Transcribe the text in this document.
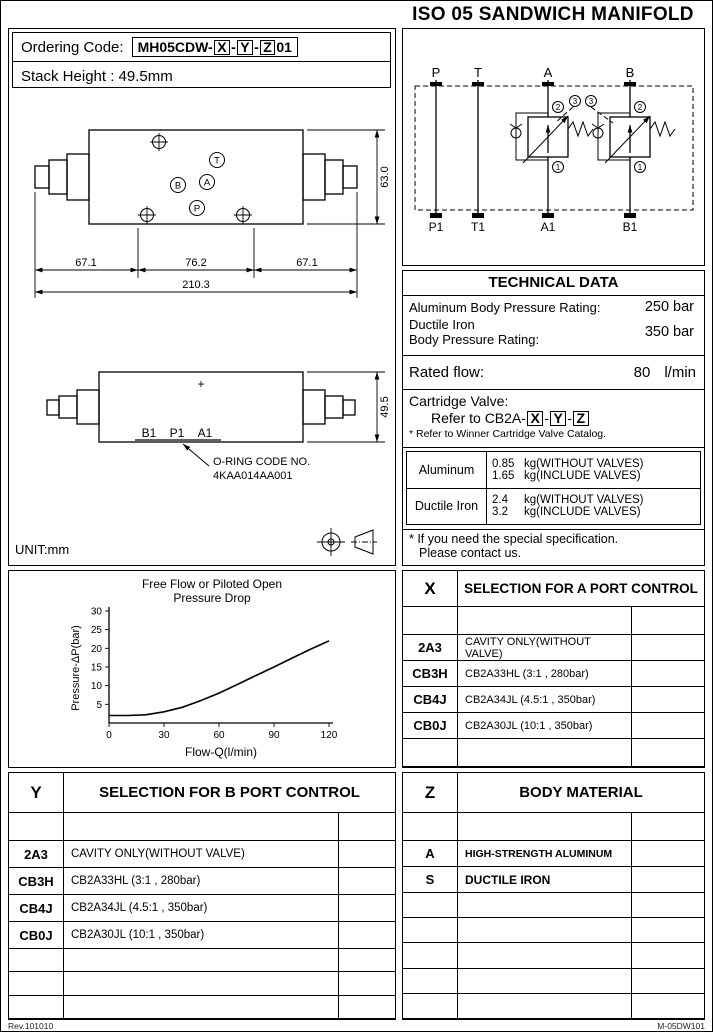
ISO 05 SANDWICH MANIFOLD
Ordering Code: MH05CDW- X - Y - Z 01
Stack Height : 49.5mm
T
B A
P
67.1	76.2	67.1
210.3
63.0
+
B1 P1 A1
O-RING CODE NO.
4KAA014AA001
49.5
UNIT:mm
P	T	A	B
2
1
3 3
2
1
P1 T1	A1	B1
TECHNICAL DATA
Aluminum Body Pressure Rating:	250 bar
Ductile Iron
Body Pressure Rating:	350 bar
Rated flow:	80 l/min
Cartridge Valve:
Refer to CB2A- X - Y - Z
* Refer to Winner Cartridge Valve Catalog.
Aluminum	0.85 kg(WITHOUT VALVES)
1.65 kg(INCLUDE VALVES)
Ductile Iron	2.4	kg(WITHOUT VALVES)
3.2	kg(INCLUDE VALVES)
* If you need the special specification.
Please contact us.
Free Flow or Piloted Open
Pressure Drop
Pressure-ΔP(bar) 5
10
15
20
25
30
0	30	60	90	120
Flow-Q(l/min)
X	SELECTION FOR A PORT CONTROL
2A3	CAVITY ONLY(WITHOUT VALVE)
CB3H	CB2A33HL (3:1 , 280bar)
CB4J	CB2A34JL (4.5:1 , 350bar)
CB0J	CB2A30JL (10:1 , 350bar)
Y	SELECTION FOR B PORT CONTROL
2A3	CAVITY ONLY(WITHOUT VALVE)
CB3H	CB2A33HL (3:1 , 280bar)
CB4J	CB2A34JL (4.5:1 , 350bar)
CB0J	CB2A30JL (10:1 , 350bar)
Z	BODY MATERIAL
A	HIGH-STRENGTH ALUMINUM
S	DUCTILE IRON
Rev.101010	M-05DW101
